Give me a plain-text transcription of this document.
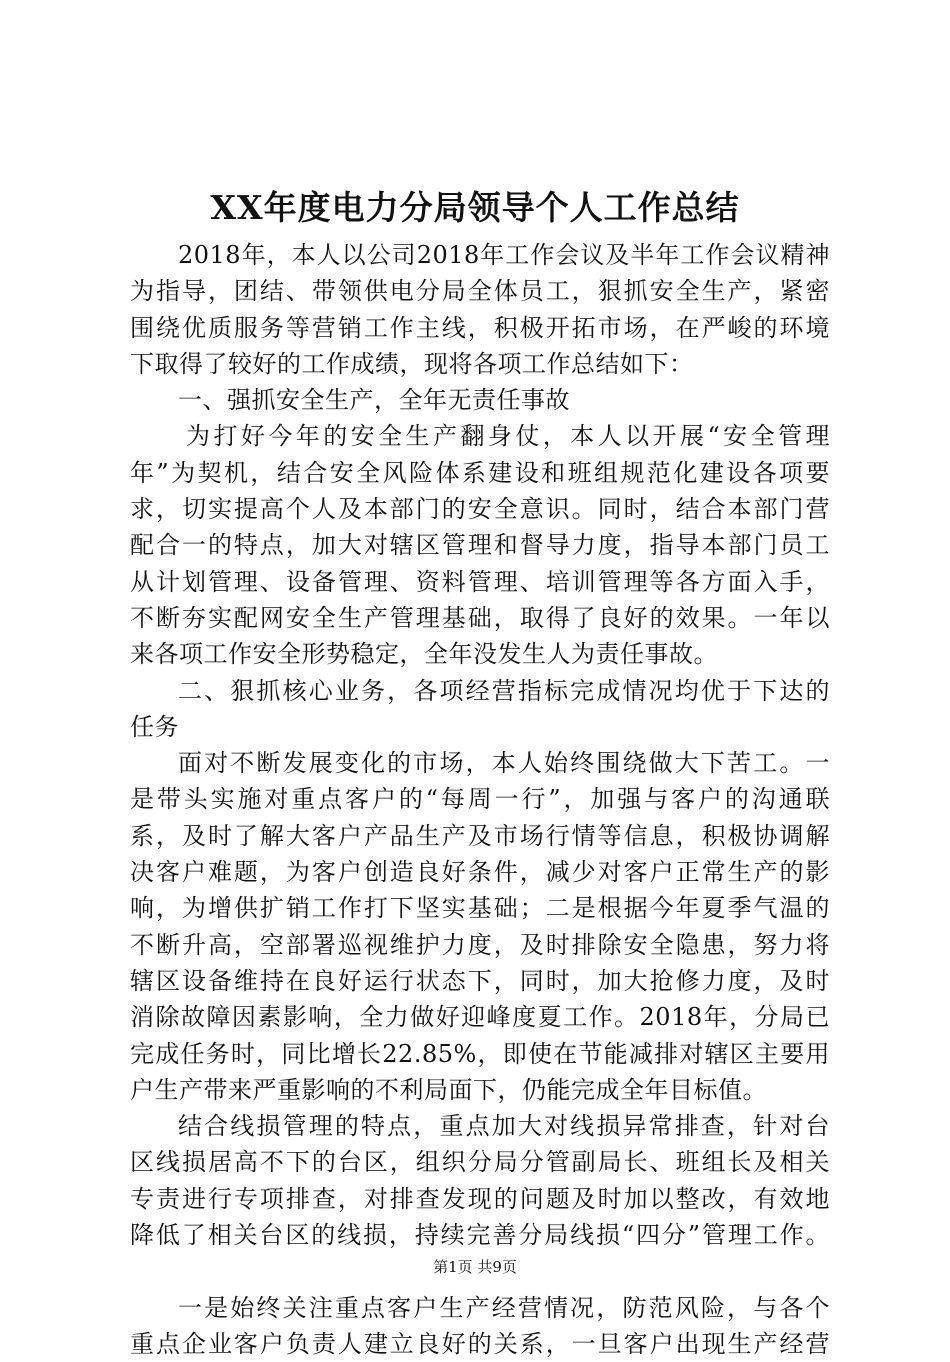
XX年度电力分局领导个人工作总结
2018年，本人以公司2018年工作会议及半年工作会议精神
为指导，团结、带领供电分局全体员工，狠抓安全生产，紧密
围绕优质服务等营销工作主线，积极开拓市场，在严峻的环境
下取得了较好的工作成绩，现将各项工作总结如下：
一、强抓安全生产，全年无责任事故
为打好今年的安全生产翻身仗，本人以开展“安全管理
年”为契机，结合安全风险体系建设和班组规范化建设各项要
求，切实提高个人及本部门的安全意识。同时，结合本部门营
配合一的特点，加大对辖区管理和督导力度，指导本部门员工
从计划管理、设备管理、资料管理、培训管理等各方面入手，
不断夯实配网安全生产管理基础，取得了良好的效果。一年以
来各项工作安全形势稳定，全年没发生人为责任事故。
二、狠抓核心业务，各项经营指标完成情况均优于下达的
任务
面对不断发展变化的市场，本人始终围绕做大下苦工。一
是带头实施对重点客户的“每周一行”，加强与客户的沟通联
系，及时了解大客户产品生产及市场行情等信息，积极协调解
决客户难题，为客户创造良好条件，减少对客户正常生产的影
响，为增供扩销工作打下坚实基础；二是根据今年夏季气温的
不断升高，空部署巡视维护力度，及时排除安全隐患，努力将
辖区设备维持在良好运行状态下，同时，加大抢修力度，及时
消除故障因素影响，全力做好迎峰度夏工作。2018年，分局已
完成任务时，同比增长22.85%，即使在节能减排对辖区主要用
户生产带来严重影响的不利局面下，仍能完成全年目标值。
结合线损管理的特点，重点加大对线损异常排查，针对台
区线损居高不下的台区，组织分局分管副局长、班组长及相关
专责进行专项排查，对排查发现的问题及时加以整改，有效地
降低了相关台区的线损，持续完善分局线损“四分”管理工作。
一是始终关注重点客户生产经营情况，防范风险，与各个
重点企业客户负责人建立良好的关系，一旦客户出现生产经营
第1页 共9页
